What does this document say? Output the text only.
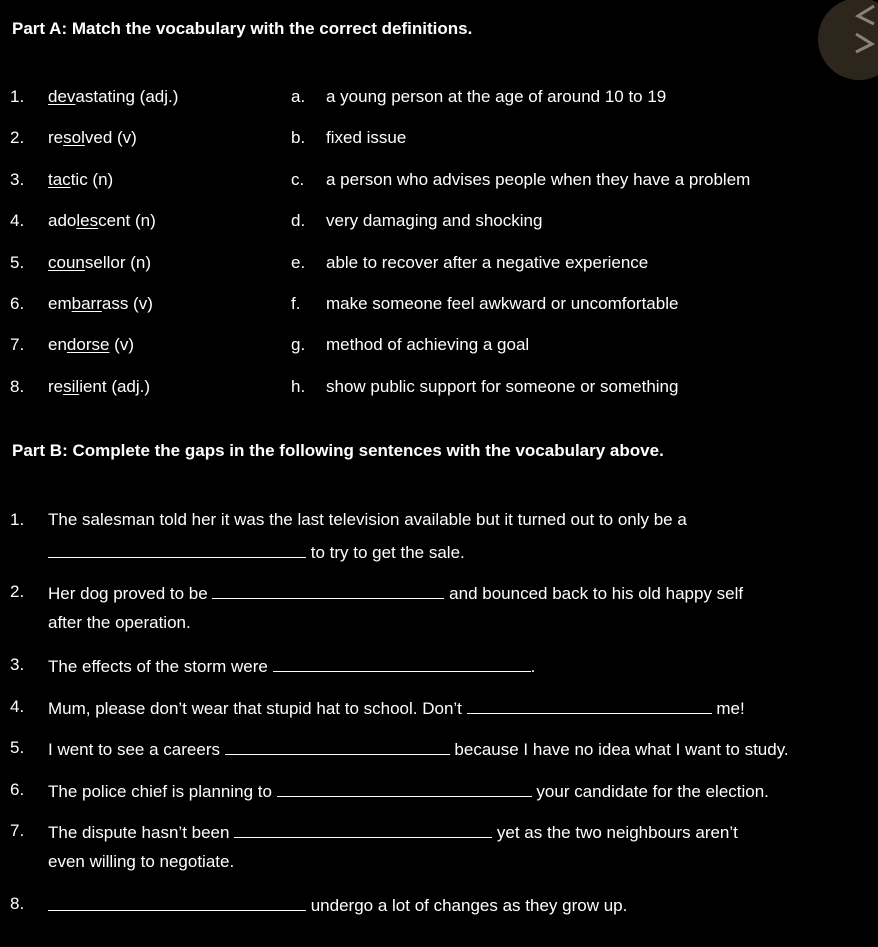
Part A: Match the vocabulary with the correct definitions.
1. devastating (adj.)	a. a young person at the age of around 10 to 19
2. resolved (v)	b. fixed issue
3. tactic (n)	c. a person who advises people when they have a problem
4. adolescent (n)	d. very damaging and shocking
5. counsellor (n)	e. able to recover after a negative experience
6. embarrass (v)	f. make someone feel awkward or uncomfortable
7. endorse (v)	g. method of achieving a goal
8. resilient (adj.)	h. show public support for someone or something
Part B: Complete the gaps in the following sentences with the vocabulary above.
1. The salesman told her it was the last television available but it turned out to only be a
to try to get the sale.
2. Her dog proved to be	and bounced back to his old happy self
after the operation.
3. The effects of the storm were	.
4. Mum, please don’t wear that stupid hat to school. Don’t	me!
5. I went to see a careers	because I have no idea what I want to study.
6. The police chief is planning to	your candidate for the election.
7. The dispute hasn’t been	yet as the two neighbours aren’t
even willing to negotiate.
8.	undergo a lot of changes as they grow up.
